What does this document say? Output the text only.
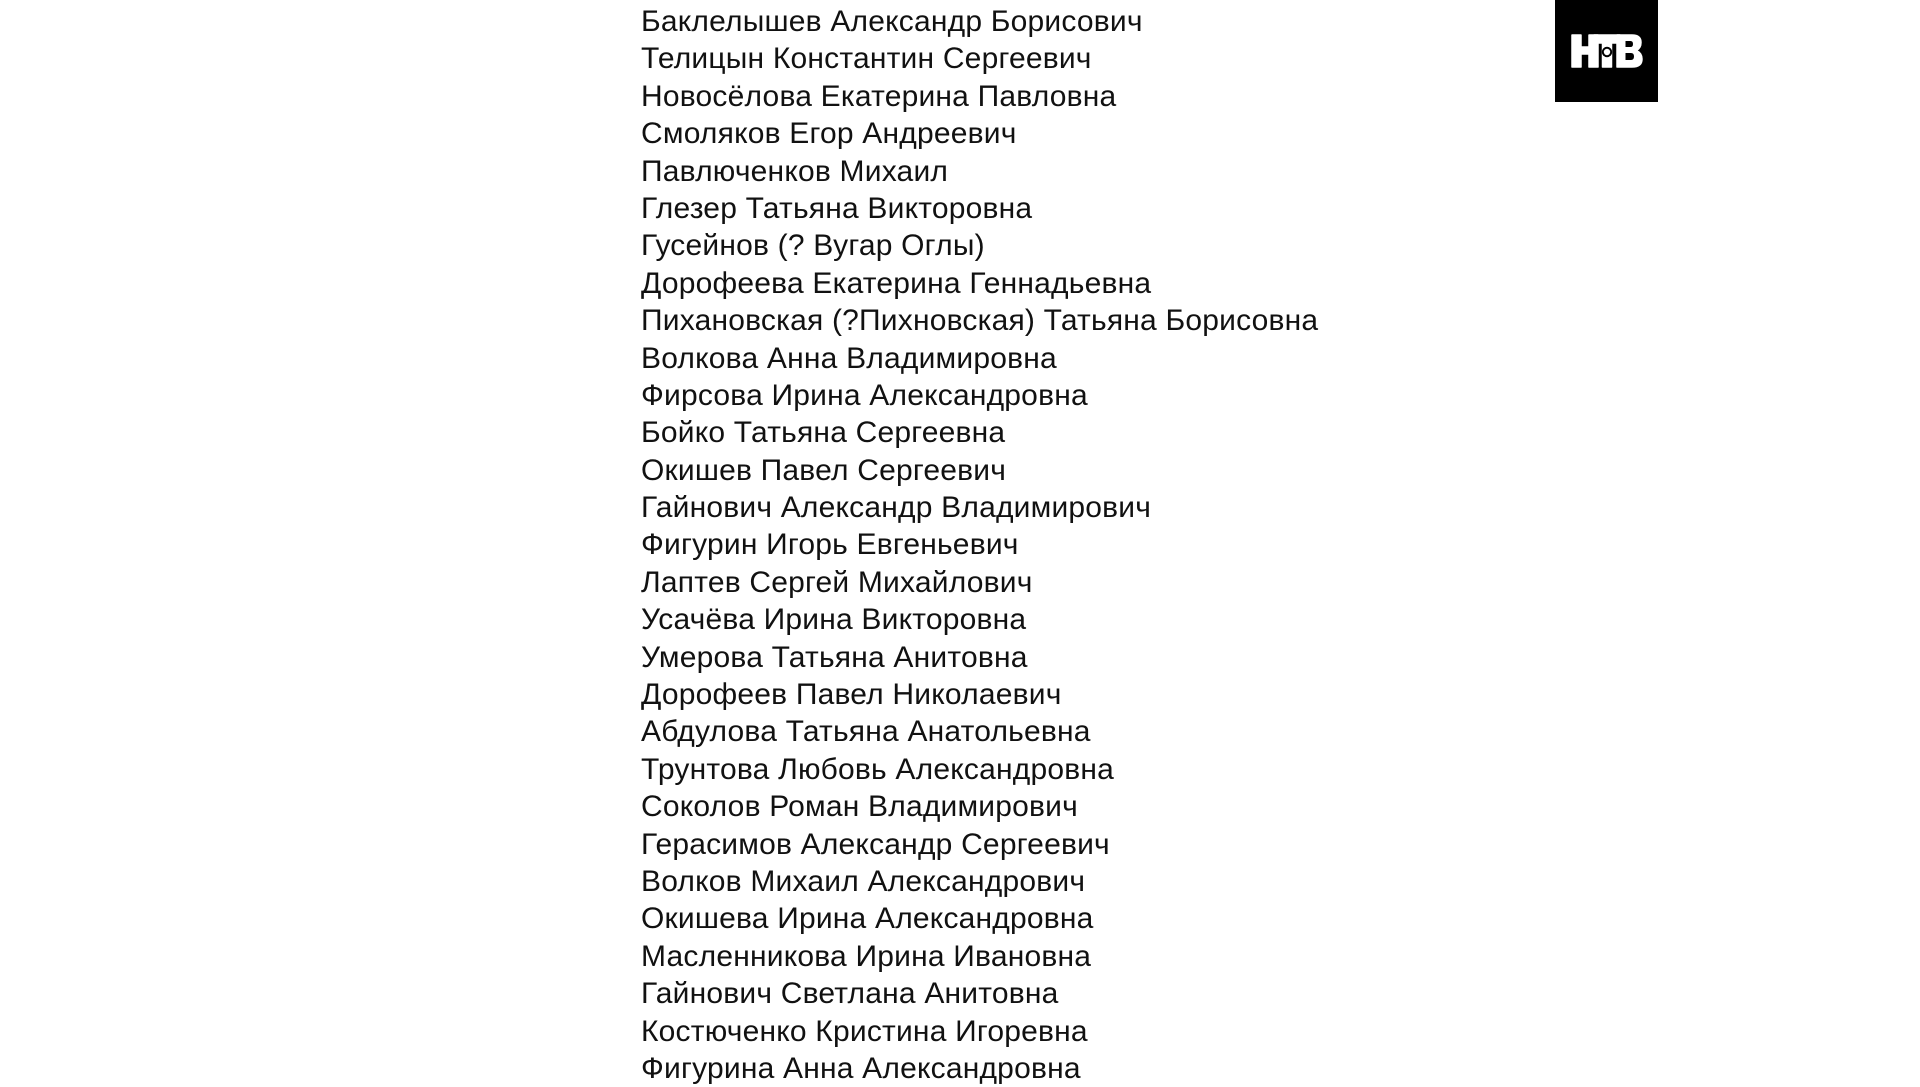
Баклелышев Александр Борисович
Телицын Константин Сергеевич
Новосёлова Екатерина Павловна
Смоляков Егор Андреевич
Павлюченков Михаил
Глезер Татьяна Викторовна
Гусейнов (? Вугар Оглы)
Дорофеева Екатерина Геннадьевна
Пихановская (?Пихновская) Татьяна Борисовна
Волкова Анна Владимировна
Фирсова Ирина Александровна
Бойко Татьяна Сергеевна
Окишев Павел Сергеевич
Гайнович Александр Владимирович
Фигурин Игорь Евгеньевич
Лаптев Сергей Михайлович
Усачёва Ирина Викторовна
Умерова Татьяна Анитовна
Дорофеев Павел Николаевич
Абдулова Татьяна Анатольевна
Трунтова Любовь Александровна
Соколов Роман Владимирович
Герасимов Александр Сергеевич
Волков Михаил Александрович
Окишева Ирина Александровна
Масленникова Ирина Ивановна
Гайнович Светлана Анитовна
Костюченко Кристина Игоревна
Фигурина Анна Александровна
